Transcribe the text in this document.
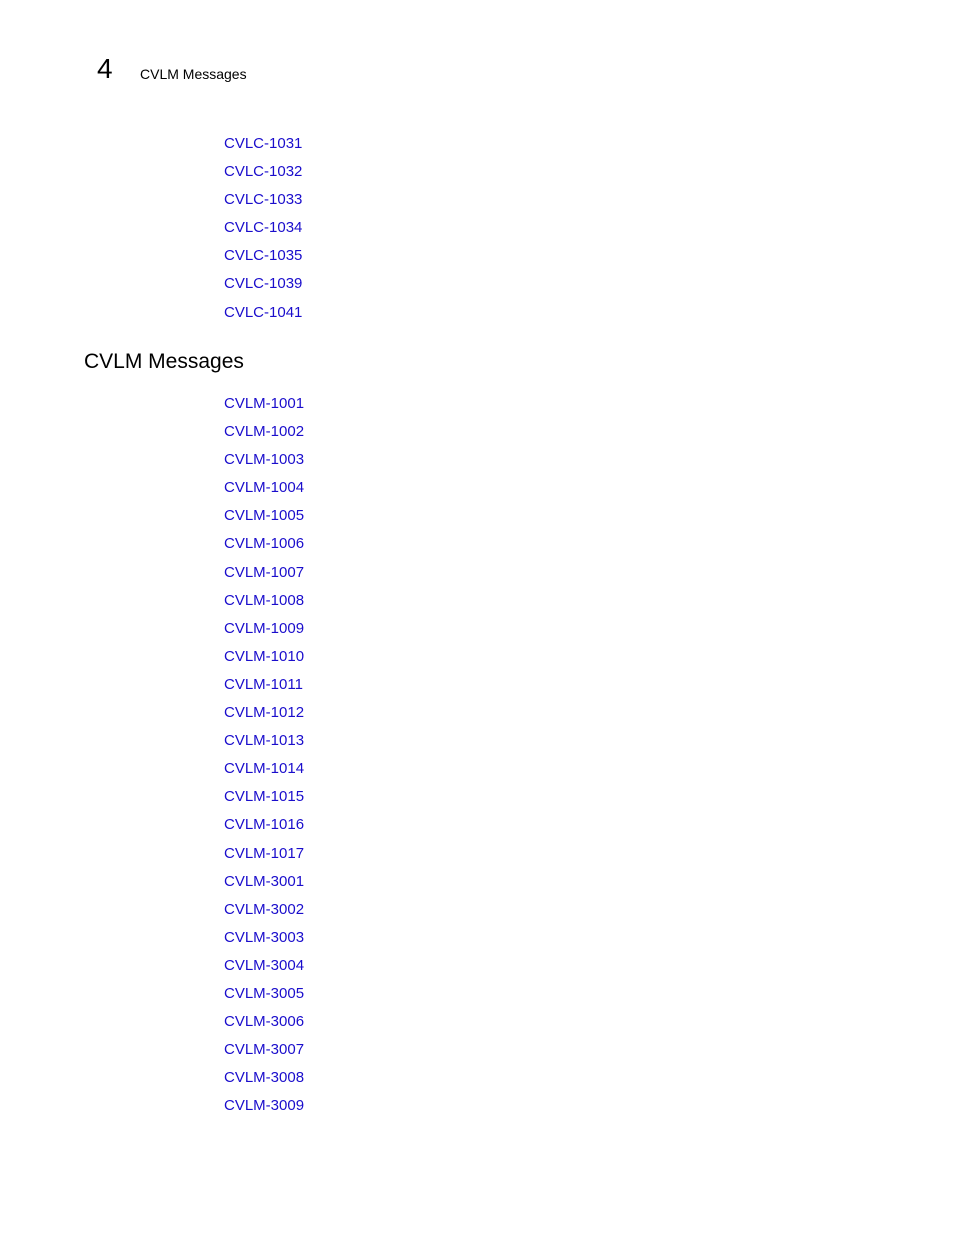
4 CVLM Messages
CVLC-1031
CVLC-1032
CVLC-1033
CVLC-1034
CVLC-1035
CVLC-1039
CVLC-1041
CVLM Messages
CVLM-1001
CVLM-1002
CVLM-1003
CVLM-1004
CVLM-1005
CVLM-1006
CVLM-1007
CVLM-1008
CVLM-1009
CVLM-1010
CVLM-1011
CVLM-1012
CVLM-1013
CVLM-1014
CVLM-1015
CVLM-1016
CVLM-1017
CVLM-3001
CVLM-3002
CVLM-3003
CVLM-3004
CVLM-3005
CVLM-3006
CVLM-3007
CVLM-3008
CVLM-3009
